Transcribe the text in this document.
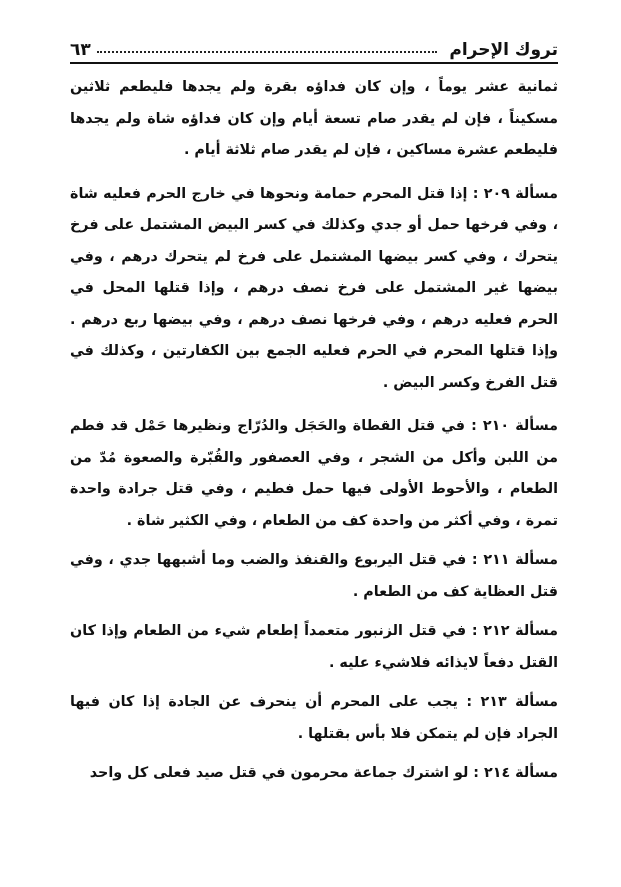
تروك الإحرام
٦٣

ثمانية عشر يوماً ، وإن كان فداؤه بقرة ولم يجدها فليطعم ثلاثين مسكيناً ، فإن لم يقدر صام تسعة أيام وإن كان فداؤه شاة ولم يجدها فليطعم عشرة مساكين ، فإن لم يقدر صام ثلاثة أيام .

مسألة ٢٠٩ : إذا قتل المحرم حمامة ونحوها في خارج الحرم فعليه شاة ، وفي فرخها حمل أو جدي وكذلك في كسر البيض المشتمل على فرخ يتحرك ، وفي كسر بيضها المشتمل على فرخ لم يتحرك درهم ، وفي بيضها غير المشتمل على فرخ نصف درهم ، وإذا قتلها المحل في الحرم فعليه درهم ، وفي فرخها نصف درهم ، وفي بيضها ربع درهم . وإذا قتلها المحرم في الحرم فعليه الجمع بين الكفارتين ، وكذلك في قتل الفرخ وكسر البيض .

مسألة ٢١٠ : في قتل القطاة والحَجَل والدُرّاج ونظيرها حَمْل قد فطم من اللبن وأكل من الشجر ، وفي العصفور والقُبّرة والصعوة مُدّ من الطعام ، والأحوط الأولى فيها حمل فطيم ، وفي قتل جرادة واحدة تمرة ، وفي أكثر من واحدة كف من الطعام ، وفي الكثير شاة .

مسألة ٢١١ : في قتل اليربوع والقنفذ والضب وما أشبهها جدي ، وفي قتل العظاية كف من الطعام .

مسألة ٢١٢ : في قتل الزنبور متعمداً إطعام شيء من الطعام وإذا كان القتل دفعاً لايذائه فلاشيء عليه .

مسألة ٢١٣ : يجب على المحرم أن ينحرف عن الجادة إذا كان فيها الجراد فإن لم يتمكن فلا بأس بقتلها .

مسألة ٢١٤ : لو اشترك جماعة محرمون في قتل صيد فعلى كل واحد
